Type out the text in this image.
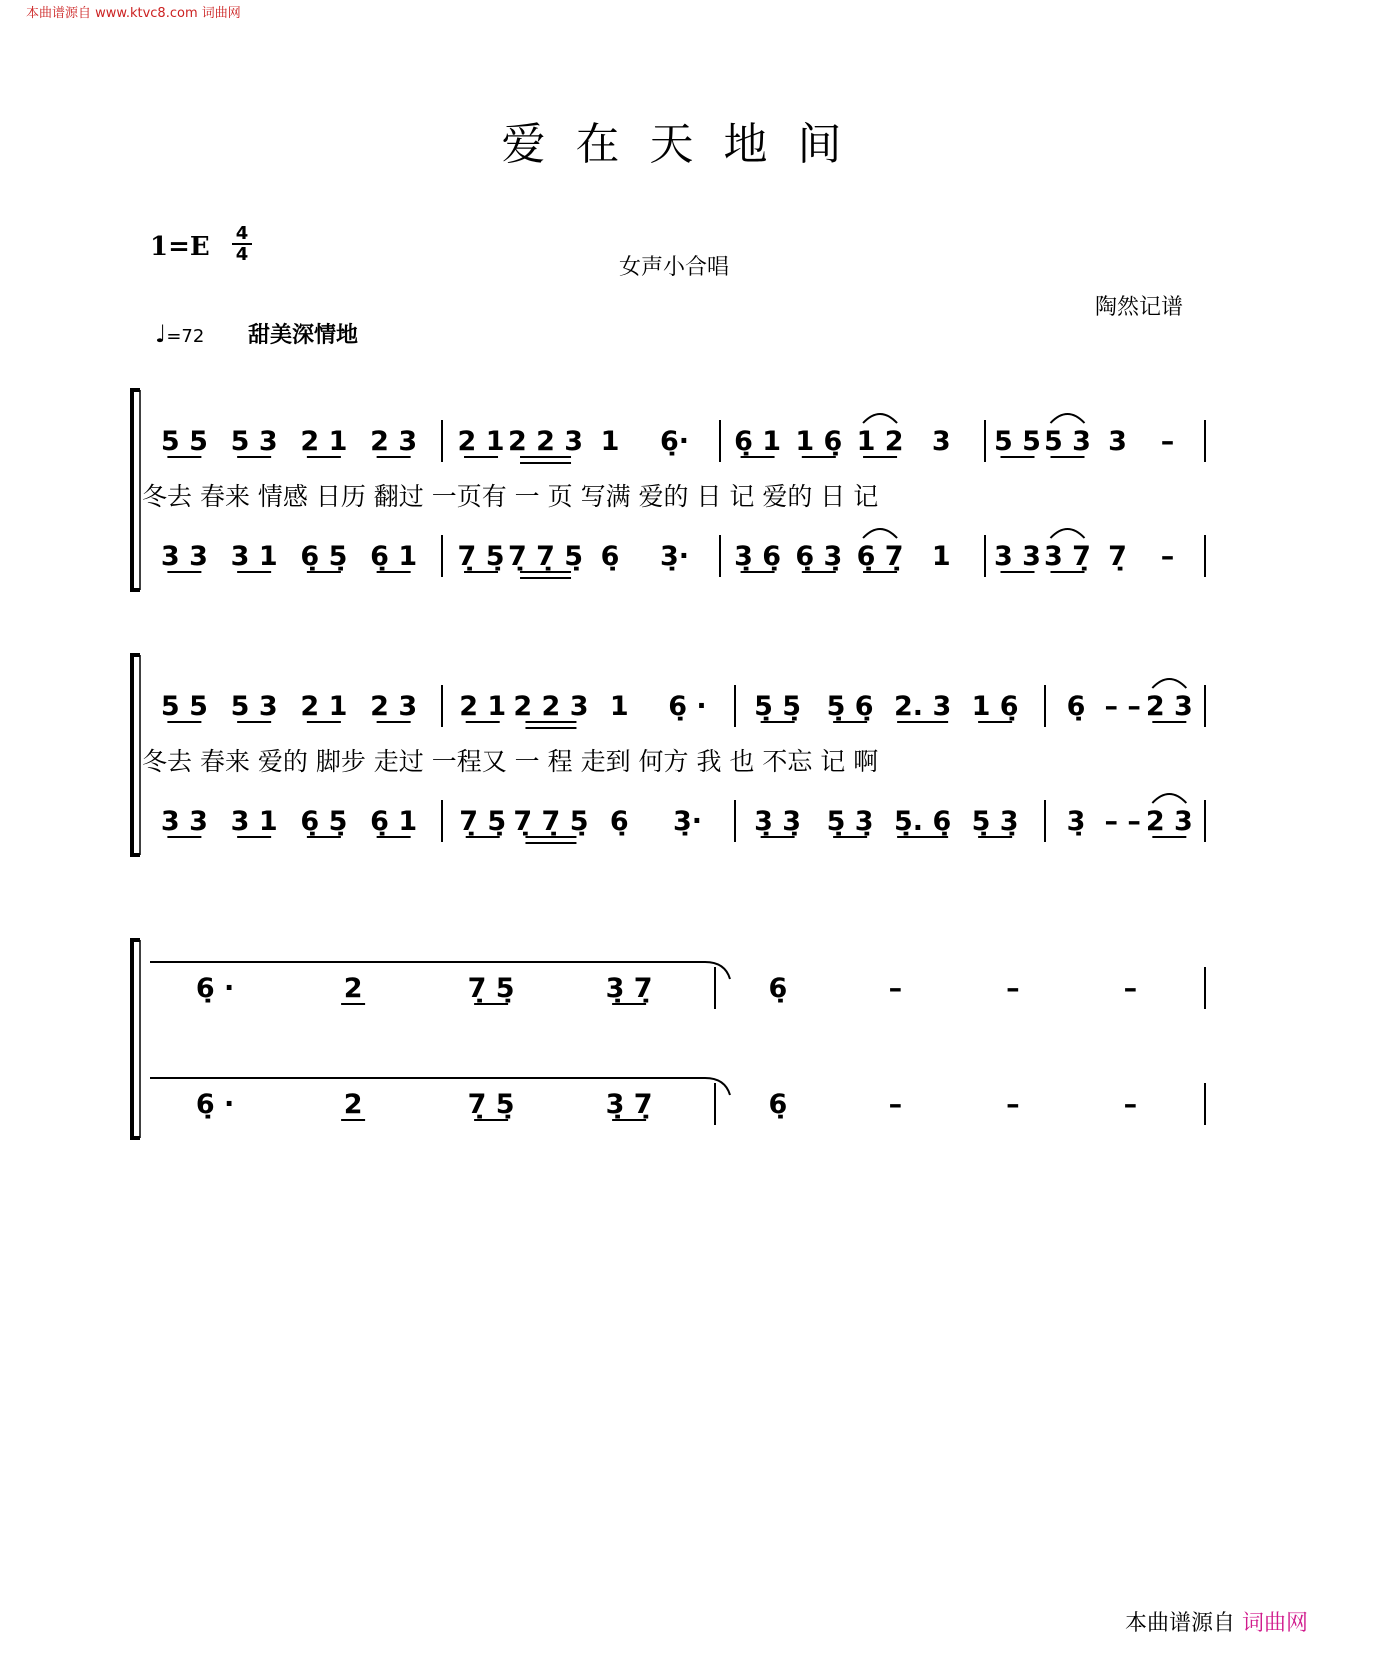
本曲谱源自 www.ktvc8.com 词曲网
爱在天地间
1=E 4
4
女声小合唱
陶然记谱
♩=72 甜美深情地
5 5 5 3 2 1 2 3 2 1 2 2 3 1 6̣· 6̣ 1 1 6̣ 1 2 3 5 5 5 3 3 –
3 3 3 1 6̣ 5̣ 6̣ 1 7̣ 5̣ 7̣ 7̣ 5̣ 6̣ 3̣· 3̣ 6̣ 6̣ 3̣ 6̣ 7̣ 1 3 3 3 7̣ 7̣ –
冬去 春来 情感 日历 翻过 一页有 一 页 写满 爱的 日 记 爱的 日 记
5 5 5 3 2 1 2 3 2 1 2 2 3 1 6̣ · 5̣ 5̣ 5̣ 6̣ 2. 3 1 6̣ 6̣ – – 2 3
3 3 3 1 6̣ 5̣ 6̣ 1 7̣ 5̣ 7̣ 7̣ 5̣ 6̣ 3̣· 3̣ 3̣ 5̣ 3̣ 5̣. 6̣ 5̣ 3̣ 3̣ – – 2 3
冬去 春来 爱的 脚步 走过 一程又 一 程 走到 何方 我 也 不忘 记 啊
6̣ ·	2	7̣ 5̣	3̣ 7̣	6̣	–	–	–
6̣ ·	2	7̣ 5̣	3̣ 7̣	6̣	–	–	–
本曲谱源自 词曲网
